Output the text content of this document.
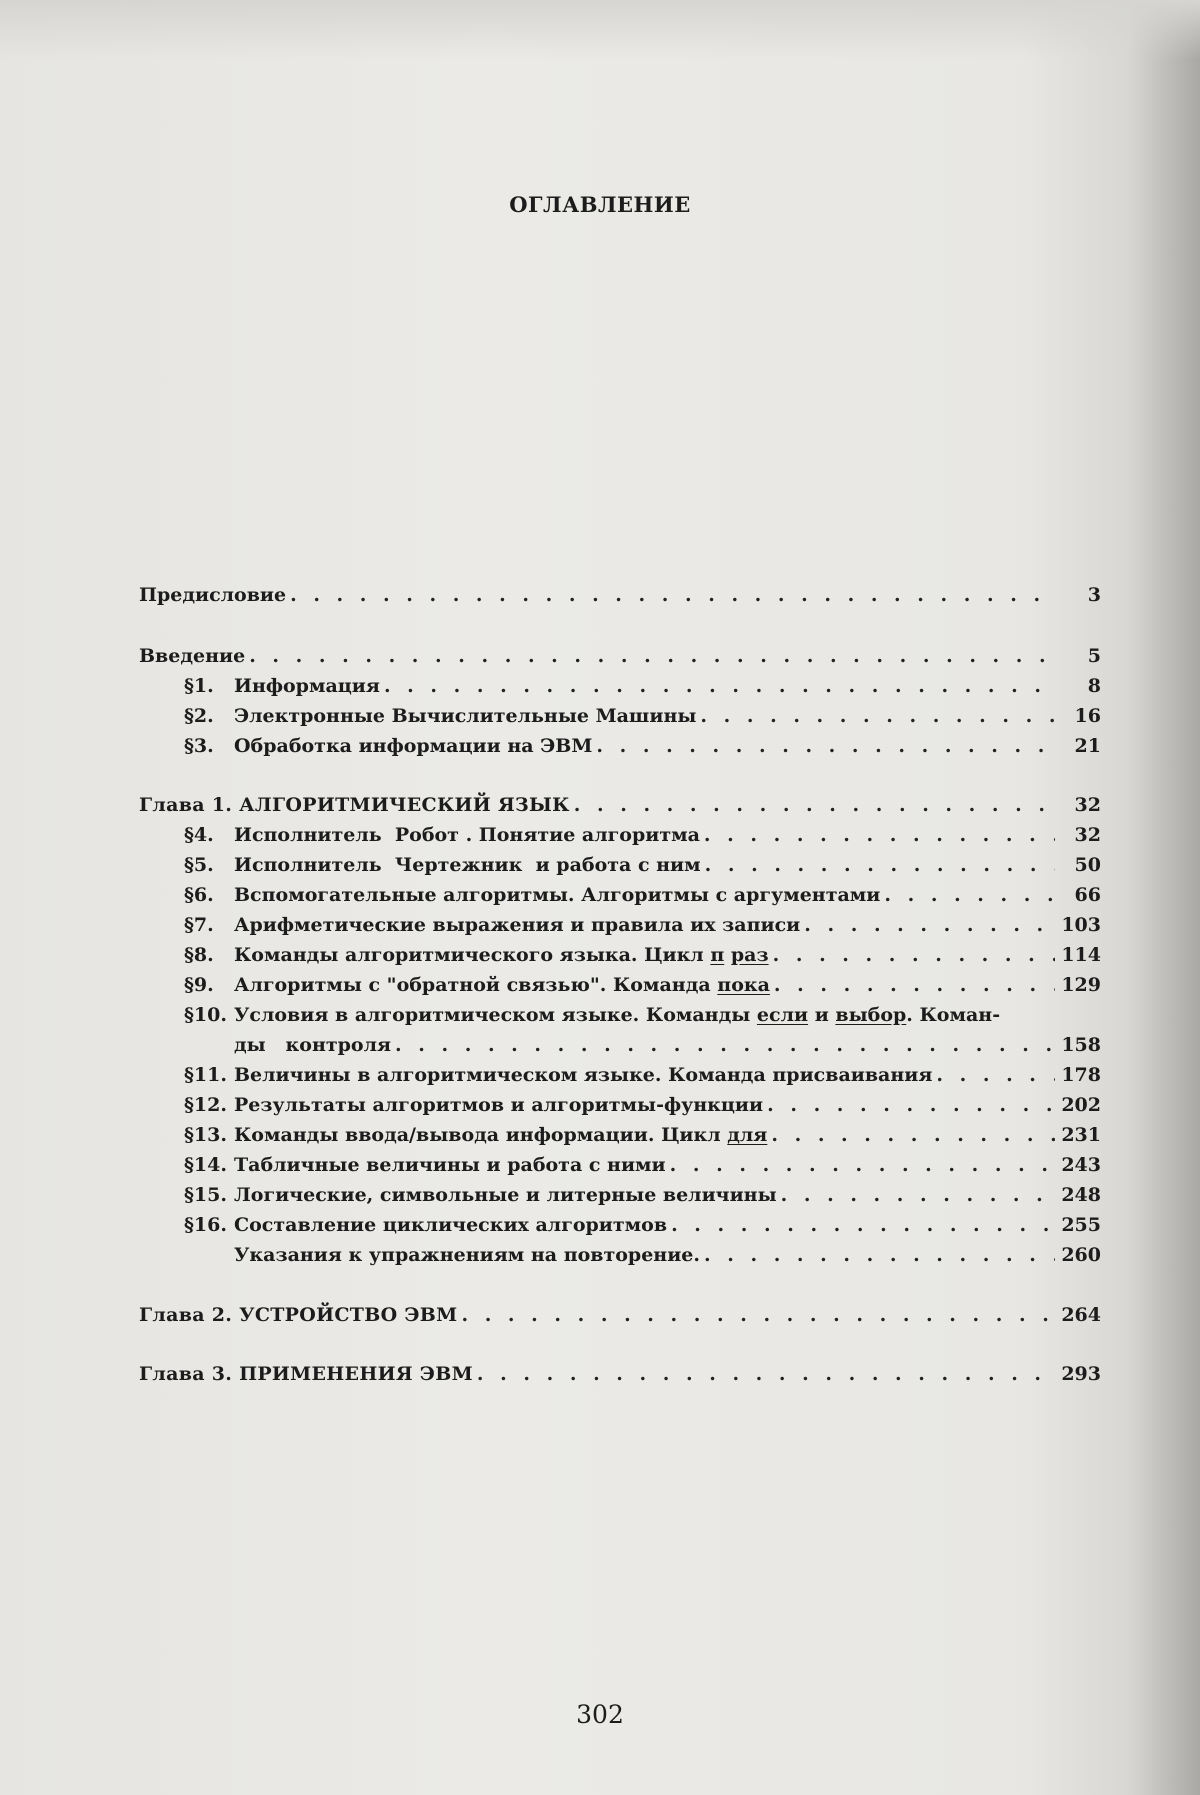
ОГЛАВЛЕНИЕ
Предисловие . . .	3
Введение . . .	5
§1.	Информация . . .	8
§2.	Электронные Вычислительные Машины . . .	16
§3.	Обработка информации на ЭВМ . . .	21
Глава 1. АЛГОРИТМИЧЕСКИЙ ЯЗЫК . . .	32
§4.	Исполнитель  Робот . Понятие алгоритма . . .	32
§5.	Исполнитель  Чертежник  и работа с ним . . .	50
§6.	Вспомогательные алгоритмы. Алгоритмы с аргументами . . .	66
§7.	Арифметические выражения и правила их записи . . .	103
§8.	Команды алгоритмического языка. Цикл п раз . . .	114
§9.	Алгоритмы с "обратной связью". Команда пока . . .	129
§10. Условия в алгоритмическом языке. Команды если и выбор. Коман-
ды   контроля . . .	158
§11. Величины в алгоритмическом языке. Команда присваивания . . .	178
§12. Результаты алгоритмов и алгоритмы-функции . . .	202
§13. Команды ввода/вывода информации. Цикл для . . .	231
§14. Табличные величины и работа с ними . . .	243
§15. Логические, символьные и литерные величины . . .	248
§16. Составление циклических алгоритмов . . .	255
Указания к упражнениям на повторение. . . .	260
Глава 2. УСТРОЙСТВО ЭВМ . . .	264
Глава 3. ПРИМЕНЕНИЯ ЭВМ . . .	293
302
